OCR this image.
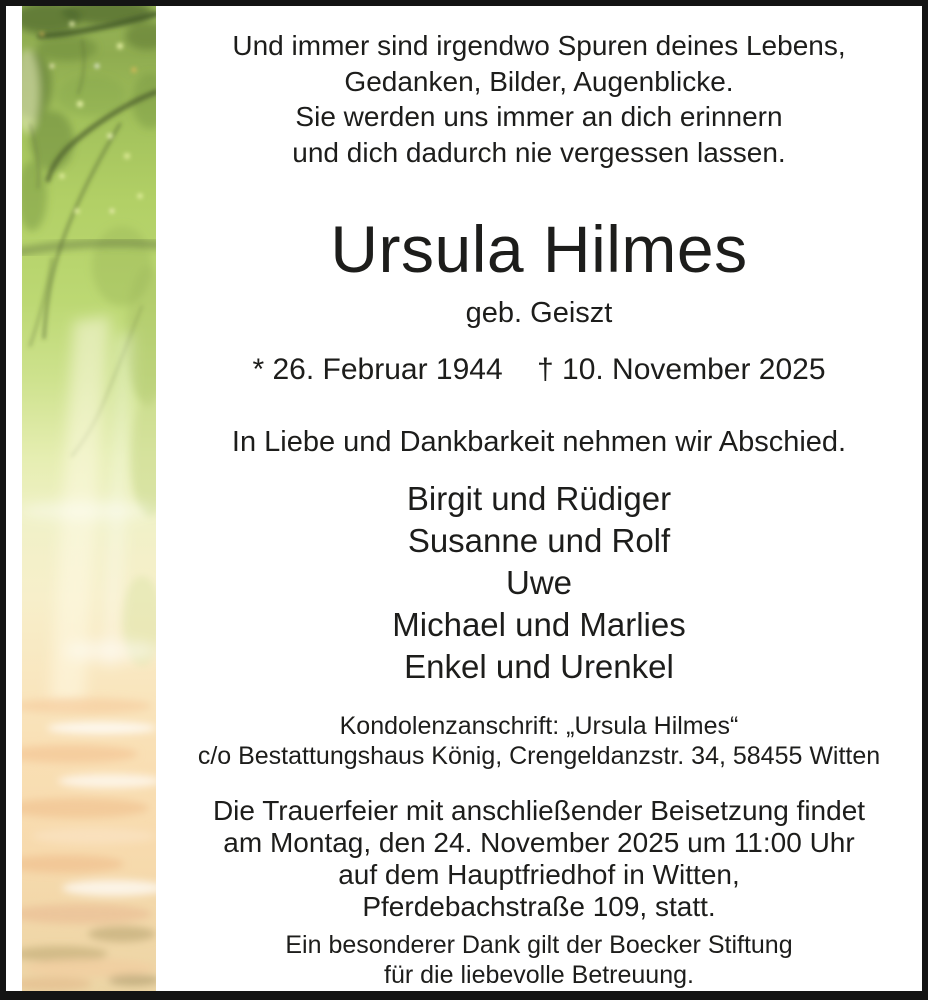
Und immer sind irgendwo Spuren deines Lebens,
Gedanken, Bilder, Augenblicke.
Sie werden uns immer an dich erinnern
und dich dadurch nie vergessen lassen.
Ursula Hilmes
geb. Geiszt
* 26. Februar 1944 † 10. November 2025
In Liebe und Dankbarkeit nehmen wir Abschied.
Birgit und Rüdiger
Susanne und Rolf
Uwe
Michael und Marlies
Enkel und Urenkel
Kondolenzanschrift: „Ursula Hilmes“
c/o Bestattungshaus König, Crengeldanzstr. 34, 58455 Witten
Die Trauerfeier mit anschließender Beisetzung findet
am Montag, den 24. November 2025 um 11:00 Uhr
auf dem Hauptfriedhof in Witten,
Pferdebachstraße 109, statt.
Ein besonderer Dank gilt der Boecker Stiftung
für die liebevolle Betreuung.
